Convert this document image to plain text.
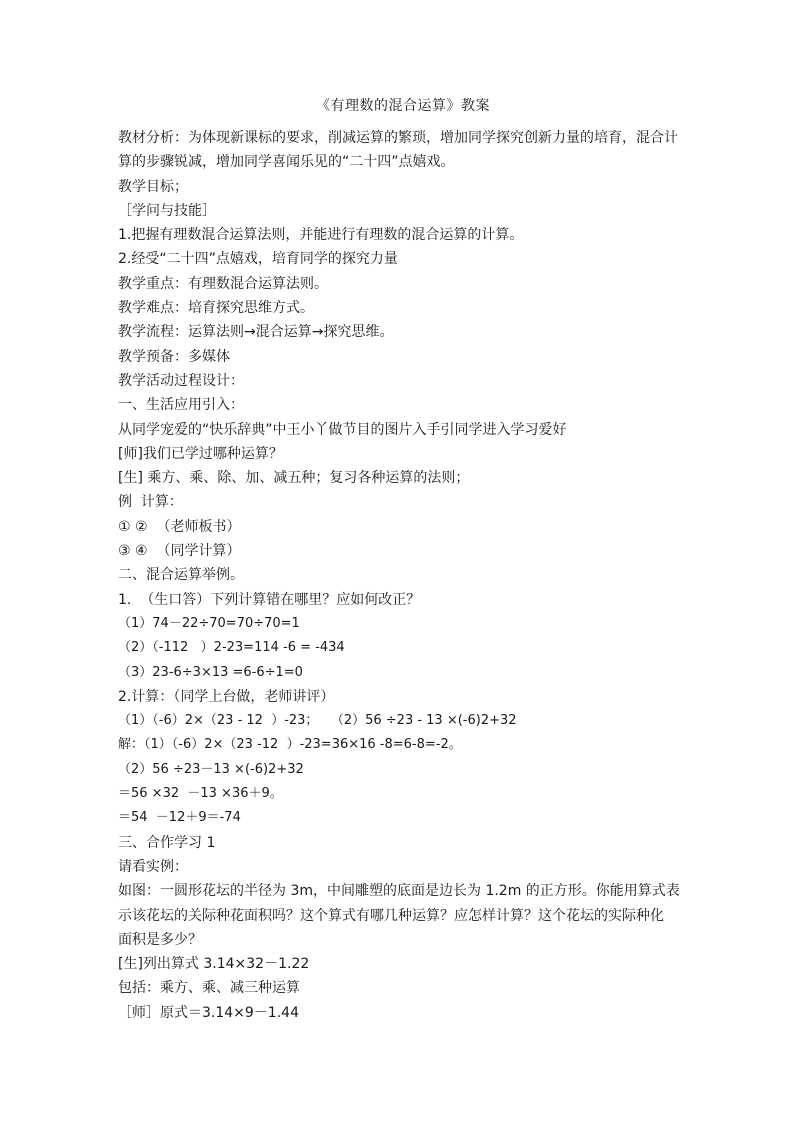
《有理数的混合运算》教案

教材分析：为体现新课标的要求，削减运算的繁琐，增加同学探究创新力量的培育，混合计

算的步骤锐减，增加同学喜闻乐见的“二十四”点嬉戏。

教学目标；

［学问与技能］

1.把握有理数混合运算法则，并能进行有理数的混合运算的计算。

2.经受“二十四”点嬉戏，培育同学的探究力量

教学重点：有理数混合运算法则。

教学难点：培育探究思维方式。

教学流程：运算法则→混合运算→探究思维。

教学预备：多媒体

教学活动过程设计：

一、生活应用引入：

从同学宠爱的“快乐辞典”中王小丫做节目的图片入手引同学进入学习爱好

[师]我们已学过哪种运算？

[生] 乘方、乘、除、加、减五种；复习各种运算的法则；

例  计算：

① ②  （老师板书）

③ ④  （同学计算）

二、混合运算举例。

1.  （生口答）下列计算错在哪里？应如何改正？

（1）74－22÷70=70÷70=1

（2）（-112   ）2-23=114 -6 = -434

（3）23-6÷3×13 =6-6÷1=0

2.计算：（同学上台做，老师讲评）

（1）（-6）2×（23 - 12  ）-23；   （2）56 ÷23 - 13 ×(-6)2+32

解：（1）（-6）2×（23 -12  ）-23=36×16 -8=6-8=-2。

（2）56 ÷23－13 ×(-6)2+32

＝56 ×32  －13 ×36＋9。

＝54  －12＋9＝-74

三、合作学习 1

请看实例：

如图：一圆形花坛的半径为 3m，中间雕塑的底面是边长为 1.2m 的正方形。你能用算式表

示该花坛的关际种花面积吗？这个算式有哪几种运算？应怎样计算？这个花坛的实际种化

面积是多少？

[生]列出算式 3.14×32－1.22

包括：乘方、乘、减三种运算

［师］原式＝3.14×9－1.44
